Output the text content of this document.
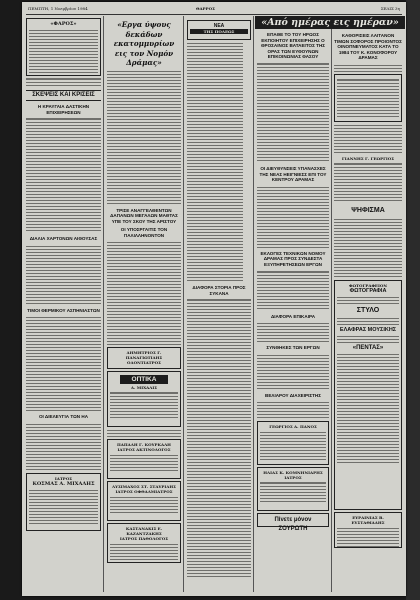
ΠΕΜΠΤΗ, 1 Νοεμβρίου 1984	ΘΑΡΡΟΣ	ΣΕΛΙΣ 3η
«ΦΑΡΟΣ»
ΣΚΕΨΕΙΣ ΚΑΙ ΚΡΙΣΕΙΣ
Η ΚΡΑΥΓΑΙΑ ΔΑΣΤΙΚΗΝ ΕΠΙΧΕΙΡΗΣΕΩΝ
ΔΙΑΛΙΑ ΧΑΡΤΟΝΩΝ ΑΙΘΟΥΣΑΣ
ΤΙΜΟΙ ΘΕΡΜΙΚΟΥ ΑΣΠΗΝΙΑΣΤΩΝ
ΟΙ ΔΙΕΛΕΥΓΙΑ ΤΩΝ ΗΑ
ΙΑΤΡΟΣ
ΚΟΣΜΑΣ Α. ΜΙΧΑΛΗΣ
«Εργα ύψους δεκάδων εκατομμυρίων εις τον Νομόν Δράμας»
ΤΡΙΣΕ ΑΝΑΓΓΕΛΘΕΝΤΩΝ ΔΑΠΑΝΩΝ ΜΕΓΑΛΩΝ ΜΑΘΤΑΣ ΥΠΕ ΤΟΥ ΣΚΟΥ ΤΗΣ ΑΡΙΣΤΟΥ
ΟΙ ΥΠΟΣΡΓΑΙΤΙΣ ΤΟΝ ΠΑΛΙΛΛΗΝΟΝΤΟΝ
ΔΗΜΗΤΡΙΟΣ Γ. ΠΑΝΑΓΙΩΤΙΔΗΣ
ΟΔΟΝΤΙΑΤΡΟΣ
ΟΠΤΙΚΑ
Δ. ΜΙΧΑΛΙΣ
ΠΑΠΑΛΗ Γ. ΚΟΥΡΚΑΛΗ
ΙΑΤΡΟΣ ΑΚΤΙΝΟΛΟΓΟΣ
ΛΥΣΙΜΑΧΟΣ ΣΤ. ΣΤΑΥΡΙΔΗΣ
ΙΑΤΡΟΣ ΟΦΘΑΛΜΙΑΤΡΟΣ
ΚΑΣΤΑΝΑΚΙΣ Ε. ΚΑΖΑΝΤΖΑΚΗΣ
ΙΑΤΡΟΣ ΠΑΘΟΛΟΓΟΣ
ΝΕΑ
ΤΗΣ ΠΟΛΕΩΣ
ΔΙΑΦΟΡΑ ΣΤΟΡΙΑ ΠΡΟΣ ΣΥΚΑΝΑ
«Από ημέρας εις ημέραν»
ΕΠΑΘΕ ΤΟ ΤΟΥ ΗΡΩΟΣ ΕΚΠΟΙΗΤΟΥ ΕΠΙΧΕΙΡΗΣΗΣ Ο ΘΡΟΣΑΙΝΟΣ ΒΑΤΑΕΙΤΟΣ ΤΗΣ ΟΡΑΣ ΤΩΝ ΕΥΘΟΥΝΩΝ ΕΠΙΚΟΙΝΩΝΙΑΣ ΘΑΣΟΥ
ΟΙ ΔΙΕΥΘΥΝΣΕΙΣ ΥΠΑΝΑΣΧΕΣ ΤΗΣ ΝΕΑΣ ΗΕΙΓΝΙΕΣΣ ΕΠΙ ΤΟΥ ΚΕΝΤΡΟΥ ΔΡΑΜΑΣ
ΕΚΛΟΓΕΣ ΤΕΧΝΙΚΩΝ ΝΟΜΟΥ ΔΡΑΜΑΣ ΠΡΟΣ ΣΥΝΔΕΣΤΑ ΕΞΥΠΗΡΕΤΗΣΕΩΝ ΕΡΓΩΝ
ΔΙΑΦΟΡΑ ΕΠΙΚΑΙΡΑ
ΣΥΝΘΗΚΕΣ ΤΩΝ ΕΡΓΩΝ
ΒΕΛΙΑΡΟΥ ΔΙΑΧΕΙΡΙΣΤΗΣ
ΓΕΩΡΓΙΟΣ Α. ΠΑΝΟΣ
ΗΛΙΑΣ Κ. ΚΟΜΝΗΝΙΑΡΗΣ
ΙΑΤΡΟΣ
Πίνετε μόνον ΣΟΥΡΩΤΗ
ΚΑΘΟΡΙΣΕΙΣ ΛΑΙΤΑΝΟΝ ΤΙΜΩΝ ΣΟΦΟΡΟΣ ΠΡΟΙΟΝΤΟΣ ΟΙΝΟΠΝΕΥΜΑΤΟΣ ΚΑΤΑ ΤΟ 1984 ΤΟΥ Κ. ΚΟΝΟΦΟΡΟΥ ΔΡΑΜΑΣ
ΓΙΑΝΝΗΣ Γ. ΓΕΩΡΓΙΟΣ
ΨΗΦΙΣΜΑ
ΦΩΤΟΓΡΑΦΕΙΟΝ
ΦΩΤΟΓΡΑΦΙΑ
ΣΤΥΛΟ
ΕΛΑΦΡΑΣ ΜΟΥΣΙΚΗΣ
«ΠΕΝΤΑΣ»
ΕΥΡΑΙΝΙΑΣ Β. ΕΥΣΤΑΘΙΑΔΗΣ
